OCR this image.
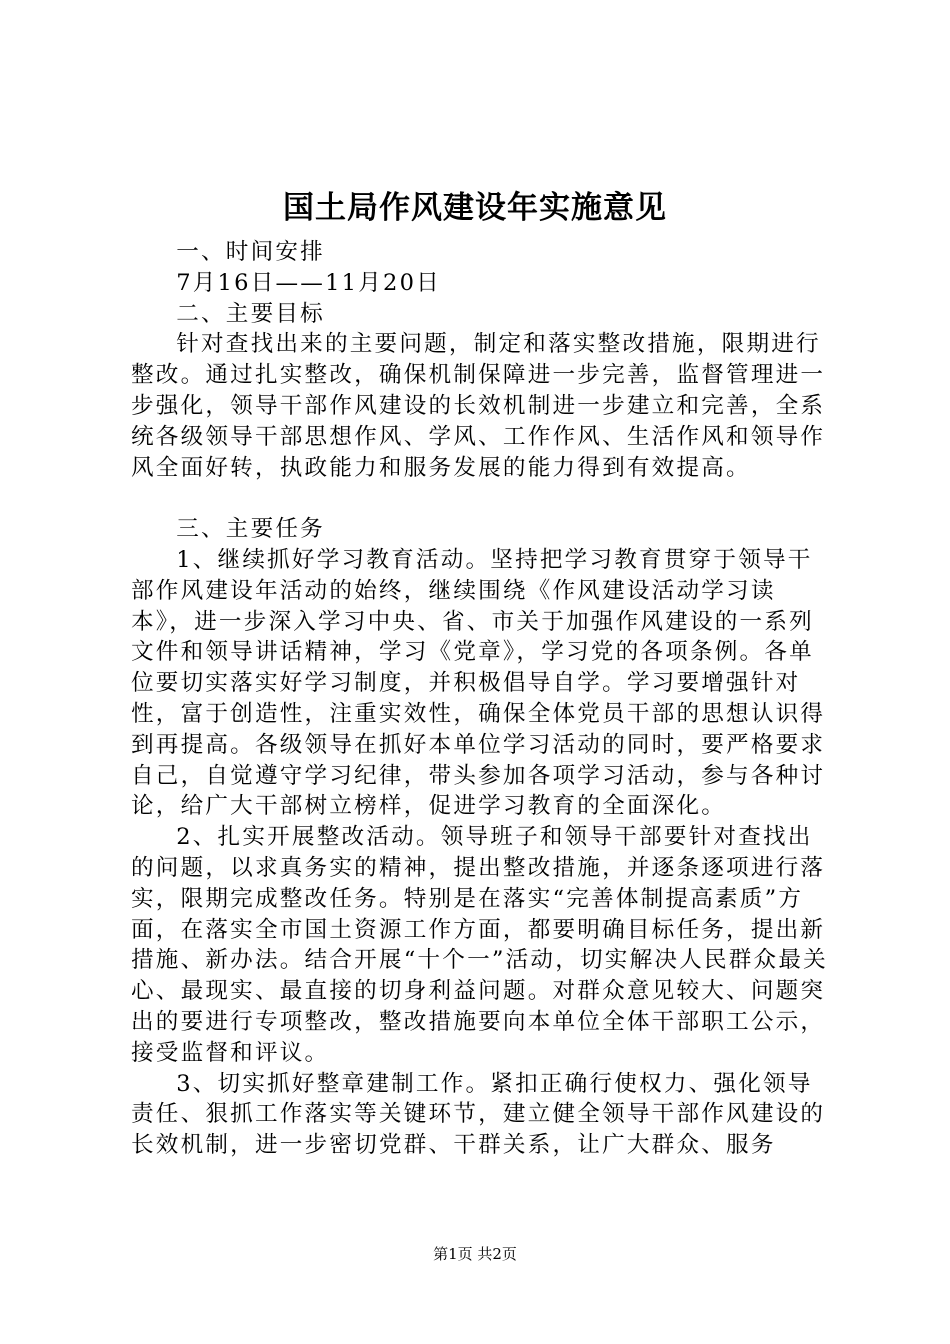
国土局作风建设年实施意见

一、时间安排

7月16日——11月20日

二、主要目标

针对查找出来的主要问题，制定和落实整改措施，限期进行整改。通过扎实整改，确保机制保障进一步完善，监督管理进一步强化，领导干部作风建设的长效机制进一步建立和完善，全系统各级领导干部思想作风、学风、工作作风、生活作风和领导作风全面好转，执政能力和服务发展的能力得到有效提高。

三、主要任务

1、继续抓好学习教育活动。坚持把学习教育贯穿于领导干部作风建设年活动的始终，继续围绕《作风建设活动学习读本》，进一步深入学习中央、省、市关于加强作风建设的一系列文件和领导讲话精神，学习《党章》，学习党的各项条例。各单位要切实落实好学习制度，并积极倡导自学。学习要增强针对性，富于创造性，注重实效性，确保全体党员干部的思想认识得到再提高。各级领导在抓好本单位学习活动的同时，要严格要求自己，自觉遵守学习纪律，带头参加各项学习活动，参与各种讨论，给广大干部树立榜样，促进学习教育的全面深化。

2、扎实开展整改活动。领导班子和领导干部要针对查找出的问题，以求真务实的精神，提出整改措施，并逐条逐项进行落实，限期完成整改任务。特别是在落实“完善体制提高素质”方面，在落实全市国土资源工作方面，都要明确目标任务，提出新措施、新办法。结合开展“十个一”活动，切实解决人民群众最关心、最现实、最直接的切身利益问题。对群众意见较大、问题突出的要进行专项整改，整改措施要向本单位全体干部职工公示，接受监督和评议。

3、切实抓好整章建制工作。紧扣正确行使权力、强化领导责任、狠抓工作落实等关键环节，建立健全领导干部作风建设的长效机制，进一步密切党群、干群关系，让广大群众、服务

第1页 共2页
